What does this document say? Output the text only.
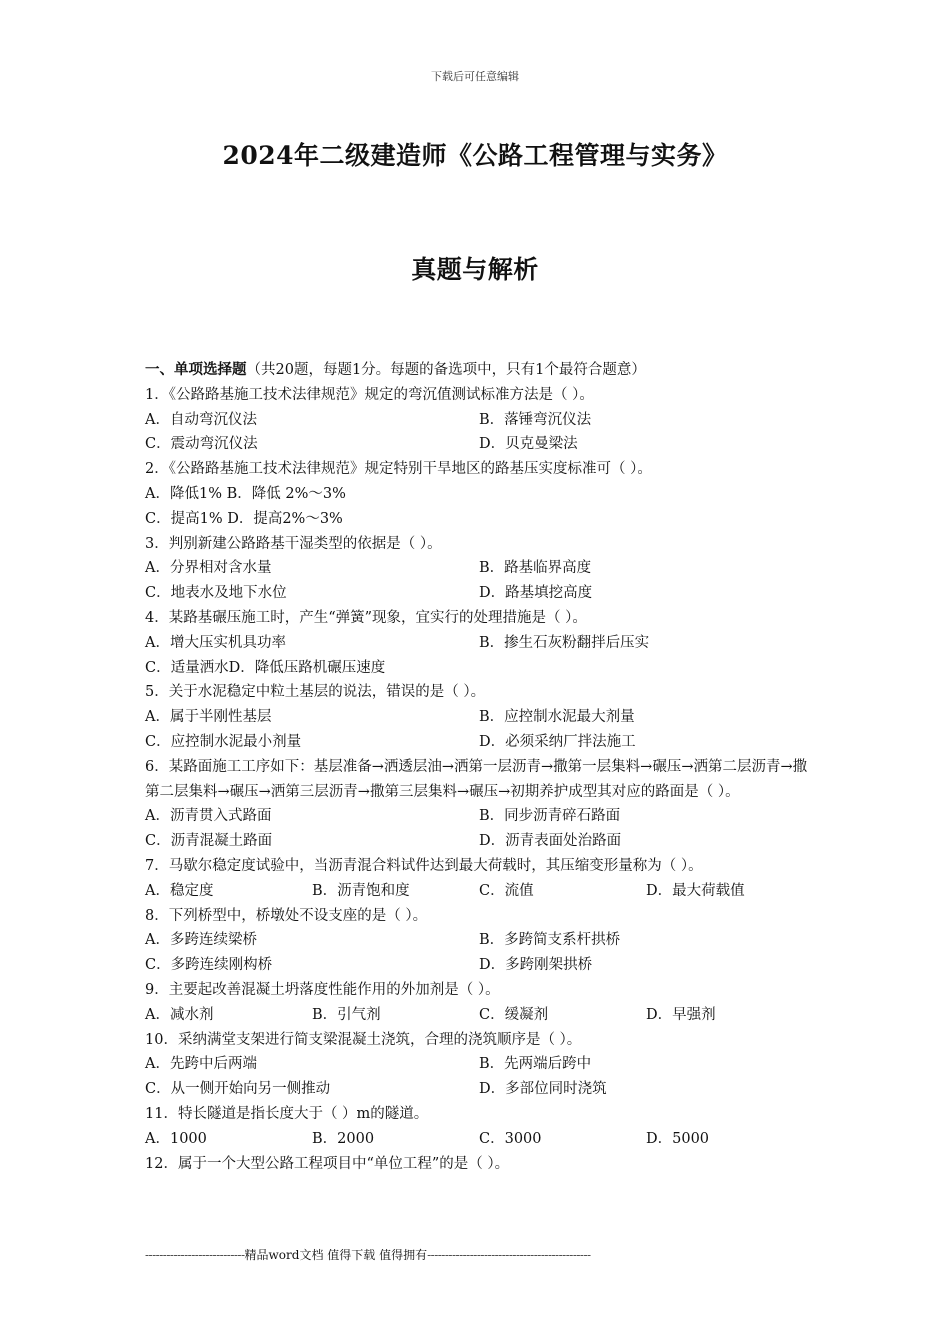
下载后可任意编辑
2024年二级建造师《公路工程管理与实务》
真题与解析
一、单项选择题（共20题，每题1分。每题的备选项中，只有1个最符合题意）
1．《公路路基施工技术法律规范》规定的弯沉值测试标准方法是（ ）。
A．自动弯沉仪法	B．落锤弯沉仪法
C．震动弯沉仪法	D．贝克曼梁法
2．《公路路基施工技术法律规范》规定特别干旱地区的路基压实度标准可（ ）。
A．降低1% B．降低 2%～3%
C．提高1% D．提高2%～3%
3．判别新建公路路基干湿类型的依据是（ ）。
A．分界相对含水量	B．路基临界高度
C．地表水及地下水位	D．路基填挖高度
4．某路基碾压施工时，产生“弹簧”现象，宜实行的处理措施是（ ）。
A．增大压实机具功率	B．掺生石灰粉翻拌后压实
C．适量洒水D．降低压路机碾压速度
5．关于水泥稳定中粒土基层的说法，错误的是（ ）。
A．属于半刚性基层	B．应控制水泥最大剂量
C．应控制水泥最小剂量	D．必须采纳厂拌法施工
6．某路面施工工序如下：基层准备→洒透层油→洒第一层沥青→撒第一层集料→碾压→洒第二层沥青→撒第二层集料→碾压→洒第三层沥青→撒第三层集料→碾压→初期养护成型其对应的路面是（ ）。
A．沥青贯入式路面	B．同步沥青碎石路面
C．沥青混凝土路面	D．沥青表面处治路面
7．马歇尔稳定度试验中，当沥青混合料试件达到最大荷载时，其压缩变形量称为（ ）。
A．稳定度	B．沥青饱和度	C．流值	D．最大荷载值
8．下列桥型中，桥墩处不设支座的是（ ）。
A．多跨连续梁桥	B．多跨简支系杆拱桥
C．多跨连续刚构桥	D．多跨刚架拱桥
9．主要起改善混凝土坍落度性能作用的外加剂是（ ）。
A．减水剂	B．引气剂	C．缓凝剂	D．早强剂
10．采纳满堂支架进行简支梁混凝土浇筑，合理的浇筑顺序是（ ）。
A．先跨中后两端	B．先两端后跨中
C．从一侧开始向另一侧推动	D．多部位同时浇筑
11．特长隧道是指长度大于（ ）m的隧道。
A．1000	B．2000	C．3000	D．5000
12．属于一个大型公路工程项目中“单位工程”的是（ ）。
----------------------------精品word文档 值得下载 值得拥有----------------------------------------------
